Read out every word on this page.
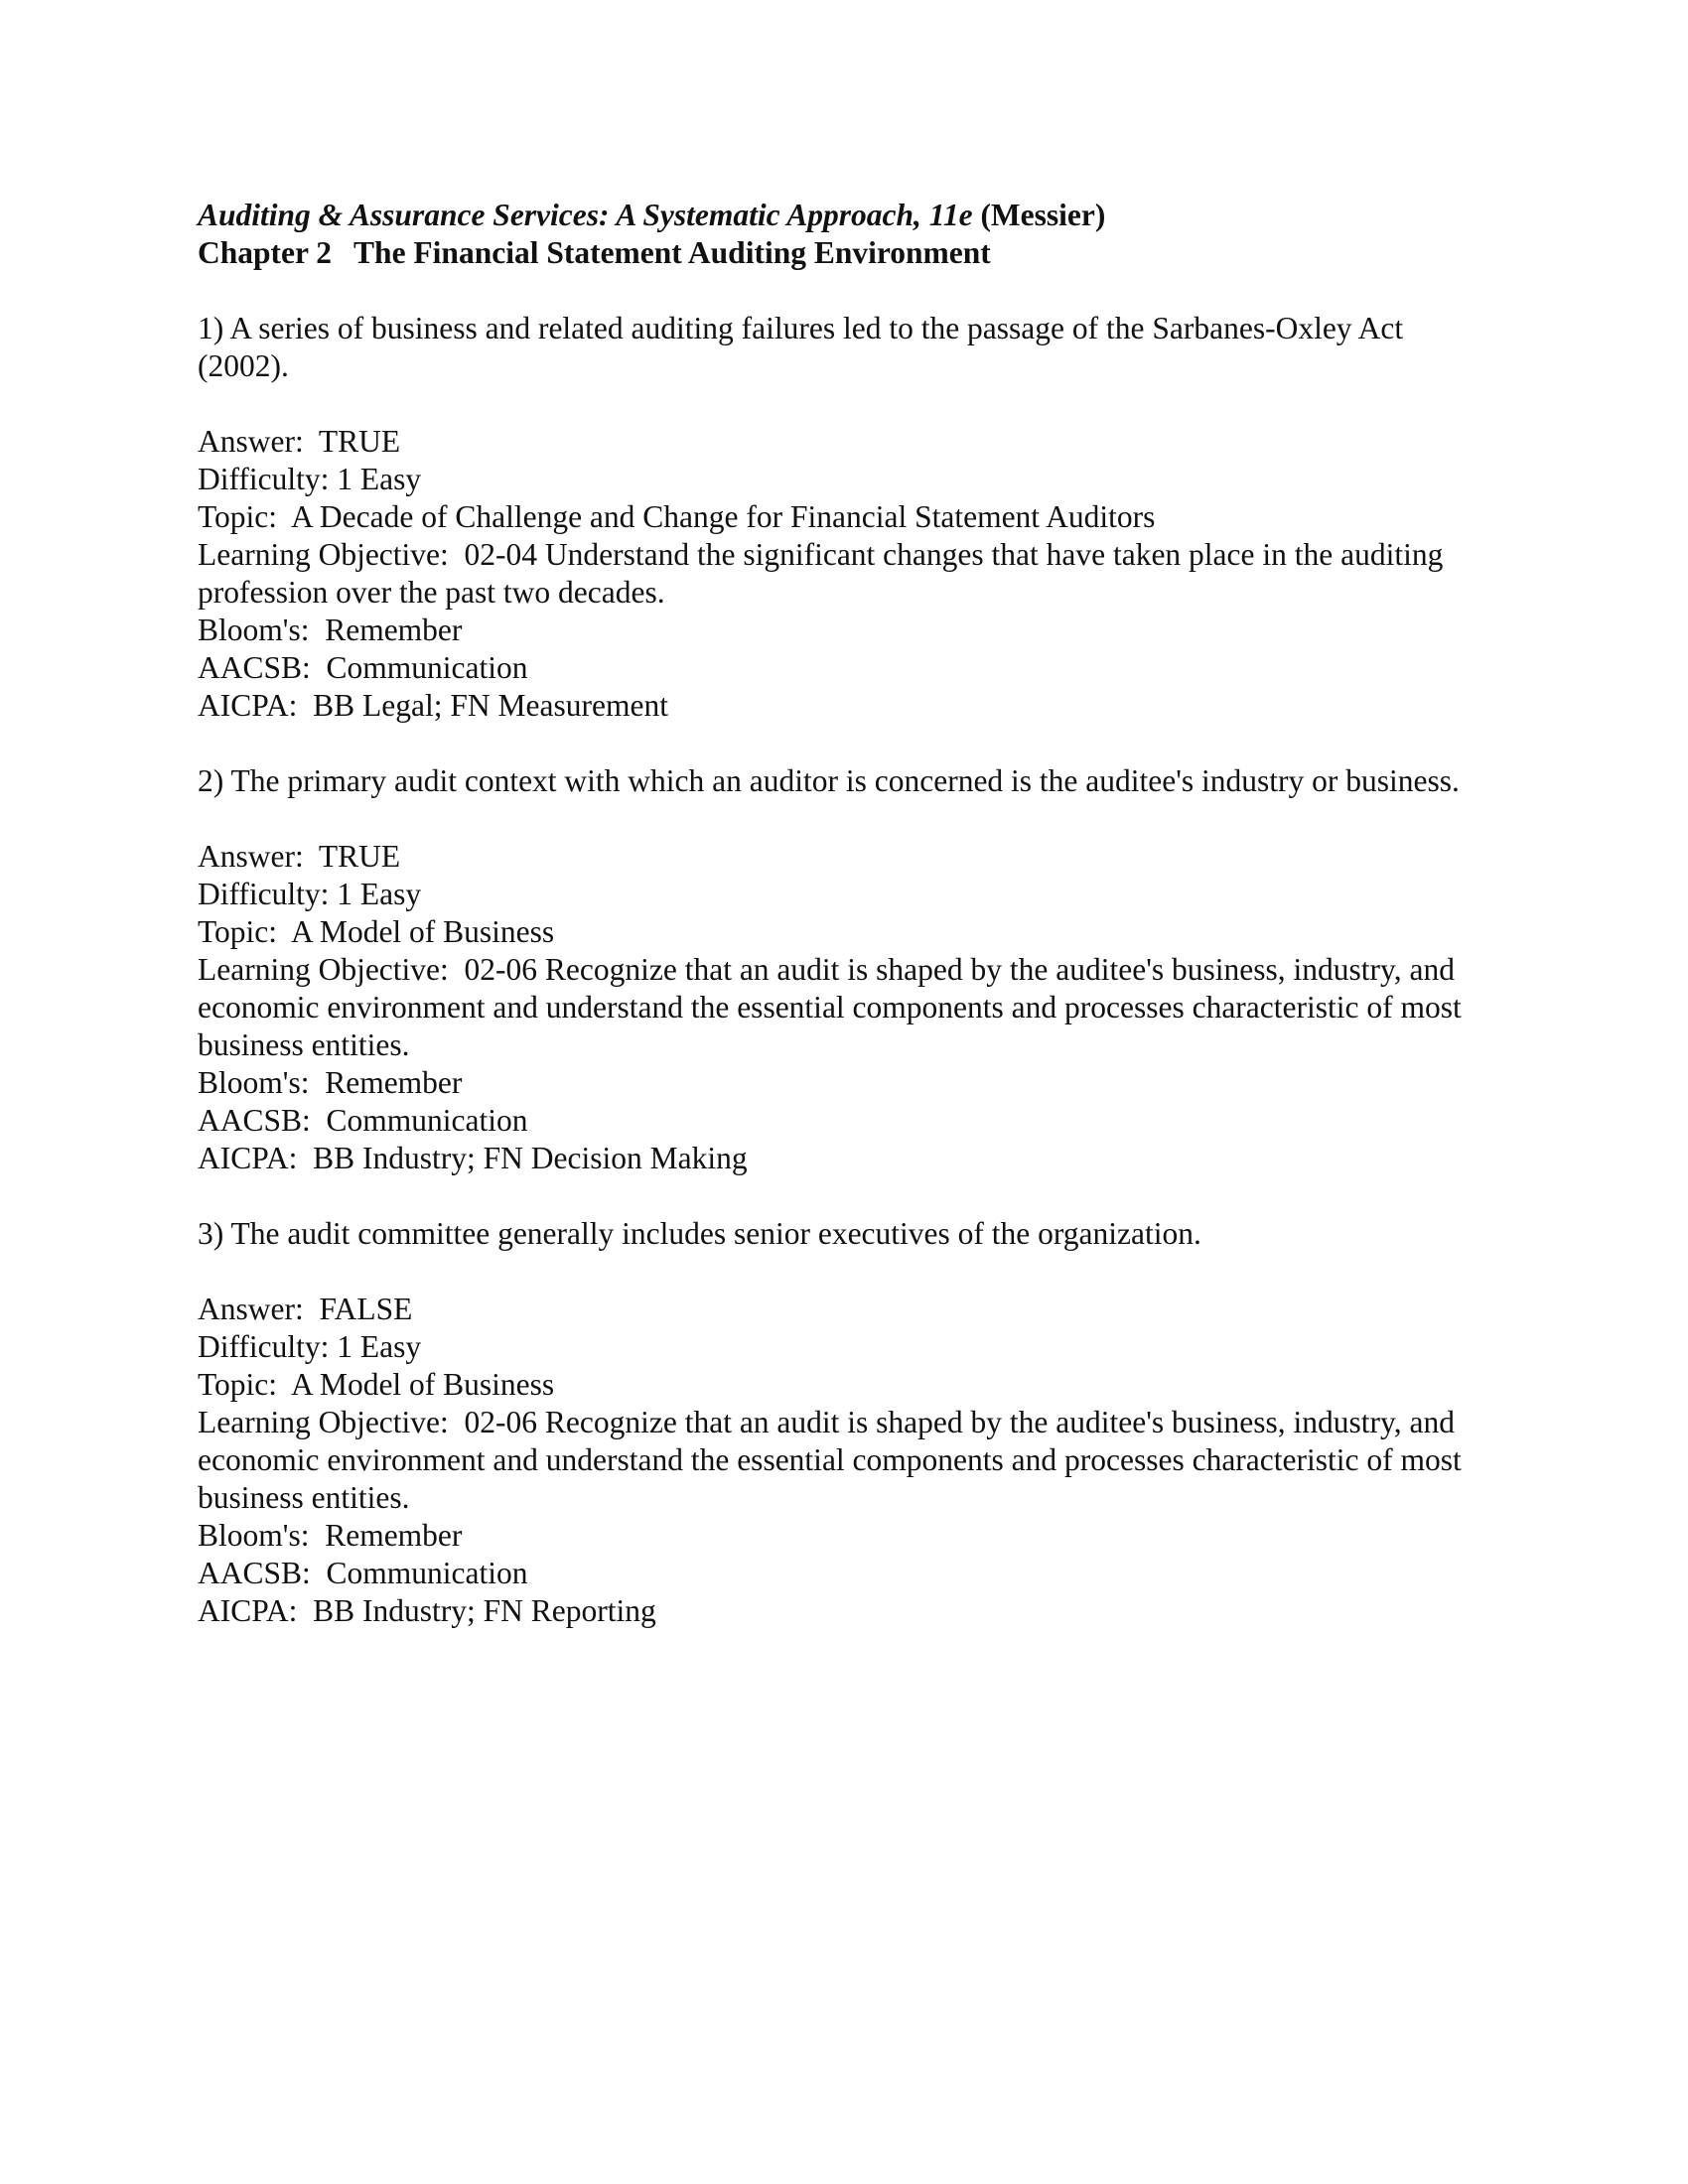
Auditing & Assurance Services: A Systematic Approach, 11e (Messier)
Chapter 2 The Financial Statement Auditing Environment

1) A series of business and related auditing failures led to the passage of the Sarbanes-Oxley Act (2002).

Answer:  TRUE

Difficulty: 1 Easy

Topic:  A Decade of Challenge and Change for Financial Statement Auditors

Learning Objective:  02-04 Understand the significant changes that have taken place in the auditing profession over the past two decades.

Bloom's:  Remember

AACSB:  Communication

AICPA:  BB Legal; FN Measurement

2) The primary audit context with which an auditor is concerned is the auditee's industry or business.

Answer:  TRUE

Difficulty: 1 Easy

Topic:  A Model of Business

Learning Objective:  02-06 Recognize that an audit is shaped by the auditee's business, industry, and economic environment and understand the essential components and processes characteristic of most business entities.

Bloom's:  Remember

AACSB:  Communication

AICPA:  BB Industry; FN Decision Making

3) The audit committee generally includes senior executives of the organization.

Answer:  FALSE

Difficulty: 1 Easy

Topic:  A Model of Business

Learning Objective:  02-06 Recognize that an audit is shaped by the auditee's business, industry, and economic environment and understand the essential components and processes characteristic of most business entities.

Bloom's:  Remember

AACSB:  Communication

AICPA:  BB Industry; FN Reporting
